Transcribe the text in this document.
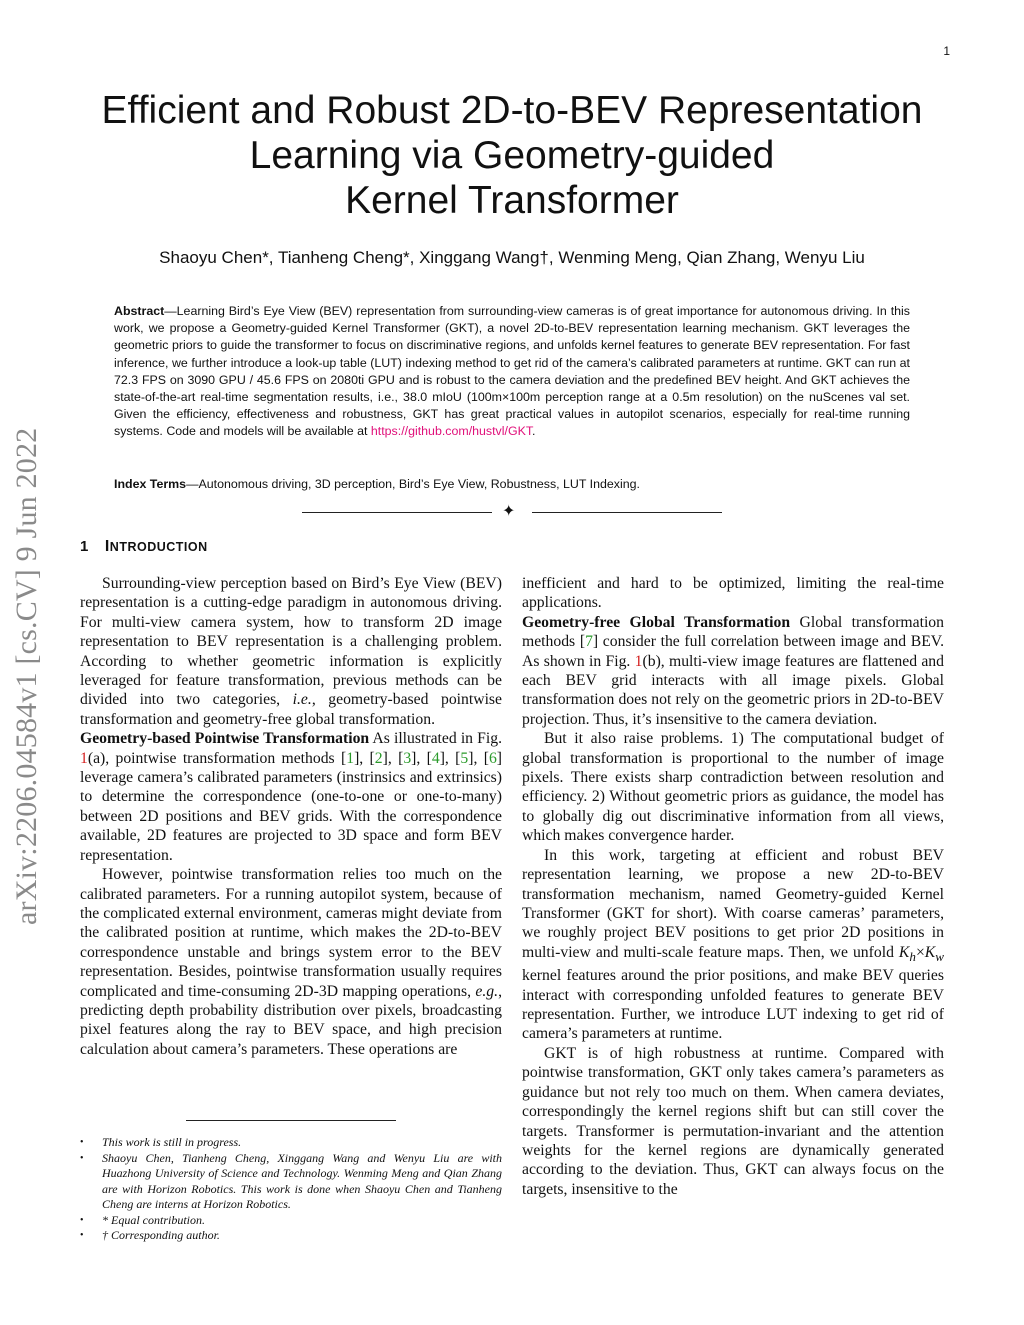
1
arXiv:2206.04584v1 [cs.CV] 9 Jun 2022
Efficient and Robust 2D-to-BEV Representation
Learning via Geometry-guided
Kernel Transformer
Shaoyu Chen*, Tianheng Cheng*, Xinggang Wang†, Wenming Meng, Qian Zhang, Wenyu Liu

Abstract—Learning Bird’s Eye View (BEV) representation from surrounding-view cameras is of great importance for autonomous driving. In this work, we propose a Geometry-guided Kernel Transformer (GKT), a novel 2D-to-BEV representation learning mechanism. GKT leverages the geometric priors to guide the transformer to focus on discriminative regions, and unfolds kernel features to generate BEV representation. For fast inference, we further introduce a look-up table (LUT) indexing method to get rid of the camera’s calibrated parameters at runtime. GKT can run at 72.3 FPS on 3090 GPU / 45.6 FPS on 2080ti GPU and is robust to the camera deviation and the predefined BEV height. And GKT achieves the state-of-the-art real-time segmentation results, i.e., 38.0 mIoU (100m×100m perception range at a 0.5m resolution) on the nuScenes val set. Given the efficiency, effectiveness and robustness, GKT has great practical values in autopilot scenarios, especially for real-time running systems. Code and models will be available at https://github.com/hustvl/GKT.

Index Terms—Autonomous driving, 3D perception, Bird’s Eye View, Robustness, LUT Indexing.

✦
1 INTRODUCTION

Surrounding-view perception based on Bird’s Eye View (BEV) representation is a cutting-edge paradigm in autonomous driving. For multi-view camera system, how to transform 2D image representation to BEV representation is a challenging problem. According to whether geometric information is explicitly leveraged for feature transformation, previous methods can be divided into two categories, i.e., geometry-based pointwise transformation and geometry-free global transformation.

Geometry-based Pointwise Transformation As illustrated in Fig. 1(a), pointwise transformation methods [1], [2], [3], [4], [5], [6] leverage camera’s calibrated parameters (instrinsics and extrinsics) to determine the correspondence (one-to-one or one-to-many) between 2D positions and BEV grids. With the correspondence available, 2D features are projected to 3D space and form BEV representation.

However, pointwise transformation relies too much on the calibrated parameters. For a running autopilot system, because of the complicated external environment, cameras might deviate from the calibrated position at runtime, which makes the 2D-to-BEV correspondence unstable and brings system error to the BEV representation. Besides, pointwise transformation usually requires complicated and time-consuming 2D-3D mapping operations, e.g., predicting depth probability distribution over pixels, broadcasting pixel features along the ray to BEV space, and high precision calculation about camera’s parameters. These operations are

inefficient and hard to be optimized, limiting the real-time applications.

Geometry-free Global Transformation Global transformation methods [7] consider the full correlation between image and BEV. As shown in Fig. 1(b), multi-view image features are flattened and each BEV grid interacts with all image pixels. Global transformation does not rely on the geometric priors in 2D-to-BEV projection. Thus, it’s insensitive to the camera deviation.

But it also raise problems. 1) The computational budget of global transformation is proportional to the number of image pixels. There exists sharp contradiction between resolution and efficiency. 2) Without geometric priors as guidance, the model has to globally dig out discriminative information from all views, which makes convergence harder.

In this work, targeting at efficient and robust BEV representation learning, we propose a new 2D-to-BEV transformation mechanism, named Geometry-guided Kernel Transformer (GKT for short). With coarse cameras’ parameters, we roughly project BEV positions to get prior 2D positions in multi-view and multi-scale feature maps. Then, we unfold $K_h\times K_w$ kernel features around the prior positions, and make BEV queries interact with corresponding unfolded features to generate BEV representation. Further, we introduce LUT indexing to get rid of camera’s parameters at runtime.

GKT is of high robustness at runtime. Compared with pointwise transformation, GKT only takes camera’s parameters as guidance but not rely too much on them. When camera deviates, correspondingly the kernel regions shift but can still cover the targets. Transformer is permutation-invariant and the attention weights for the kernel regions are dynamically generated according to the deviation. Thus, GKT can always focus on the targets, insensitive to the

• This work is still in progress.
• Shaoyu Chen, Tianheng Cheng, Xinggang Wang and Wenyu Liu are with Huazhong University of Science and Technology. Wenming Meng and Qian Zhang are with Horizon Robotics. This work is done when Shaoyu Chen and Tianheng Cheng are interns at Horizon Robotics.
• * Equal contribution.
• † Corresponding author.
